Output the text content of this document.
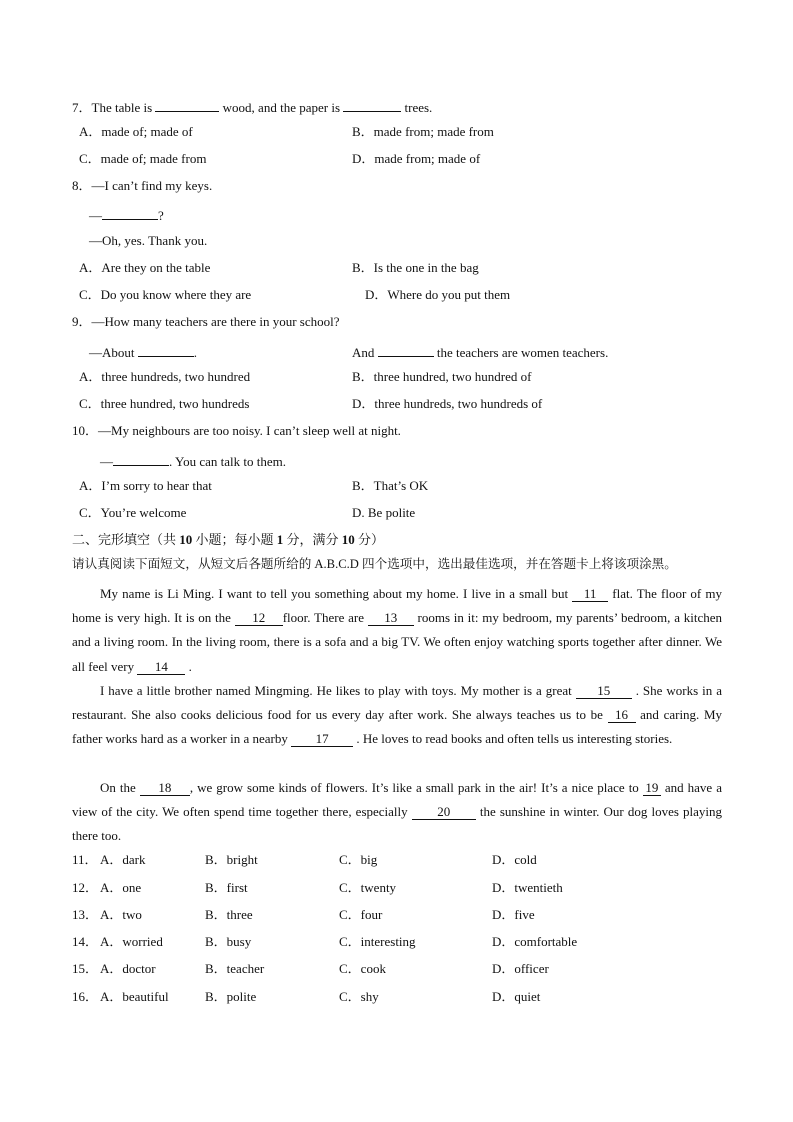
7．The table is	wood, and the paper is	trees.
A．made of; made of	B．made from; made from
C．made of; made from	D．made from; made of
8．—I can’t find my keys.
—	?
—Oh, yes. Thank you.
A．Are they on the table	B．Is the one in the bag
C．Do you know where they are	D．Where do you put them
9．—How many teachers are there in your school?
—About	.	And	the teachers are women teachers.
A．three hundreds, two hundred	B．three hundred, two hundred of
C．three hundred, two hundreds	D．three hundreds, two hundreds of
10．—My neighbours are too noisy. I can’t sleep well at night.
—	. You can talk to them.
A．I’m sorry to hear that	B．That’s OK
C．You’re welcome	D. Be polite
二、完形填空（共 10 小题；每小题 1 分，满分 10 分）
请认真阅读下面短文，从短文后各题所给的 A.B.C.D 四个选项中，选出最佳选项，并在答题卡上将该项涂黑。
My name is Li Ming. I want to tell you something about my home. I live in a small but 11 flat. The floor of my home is very high. It is on the 12 floor. There are 13 rooms in it: my bedroom, my parents’ bedroom, a kitchen and a living room. In the living room, there is a sofa and a big TV. We often enjoy watching sports together after dinner. We all feel very 14 .
I have a little brother named Mingming. He likes to play with toys. My mother is a great 15 . She works in a restaurant. She also cooks delicious food for us every day after work. She always teaches us to be 16 and caring. My father works hard as a worker in a nearby 17 . He loves to read books and often tells us interesting stories.
On the 18 , we grow some kinds of flowers. It’s like a small park in the air! It’s a nice place to 19 and have a view of the city. We often spend time together there, especially 20 the sunshine in winter. Our dog loves playing there too.
11． A．dark	B．bright	C．big	D．cold
12． A．one	B．first	C．twenty	D．twentieth
13． A．two	B．three	C．four	D．five
14． A．worried	B．busy	C．interesting	D．comfortable
15． A．doctor	B．teacher	C．cook	D．officer
16． A．beautiful	B．polite	C．shy	D．quiet
